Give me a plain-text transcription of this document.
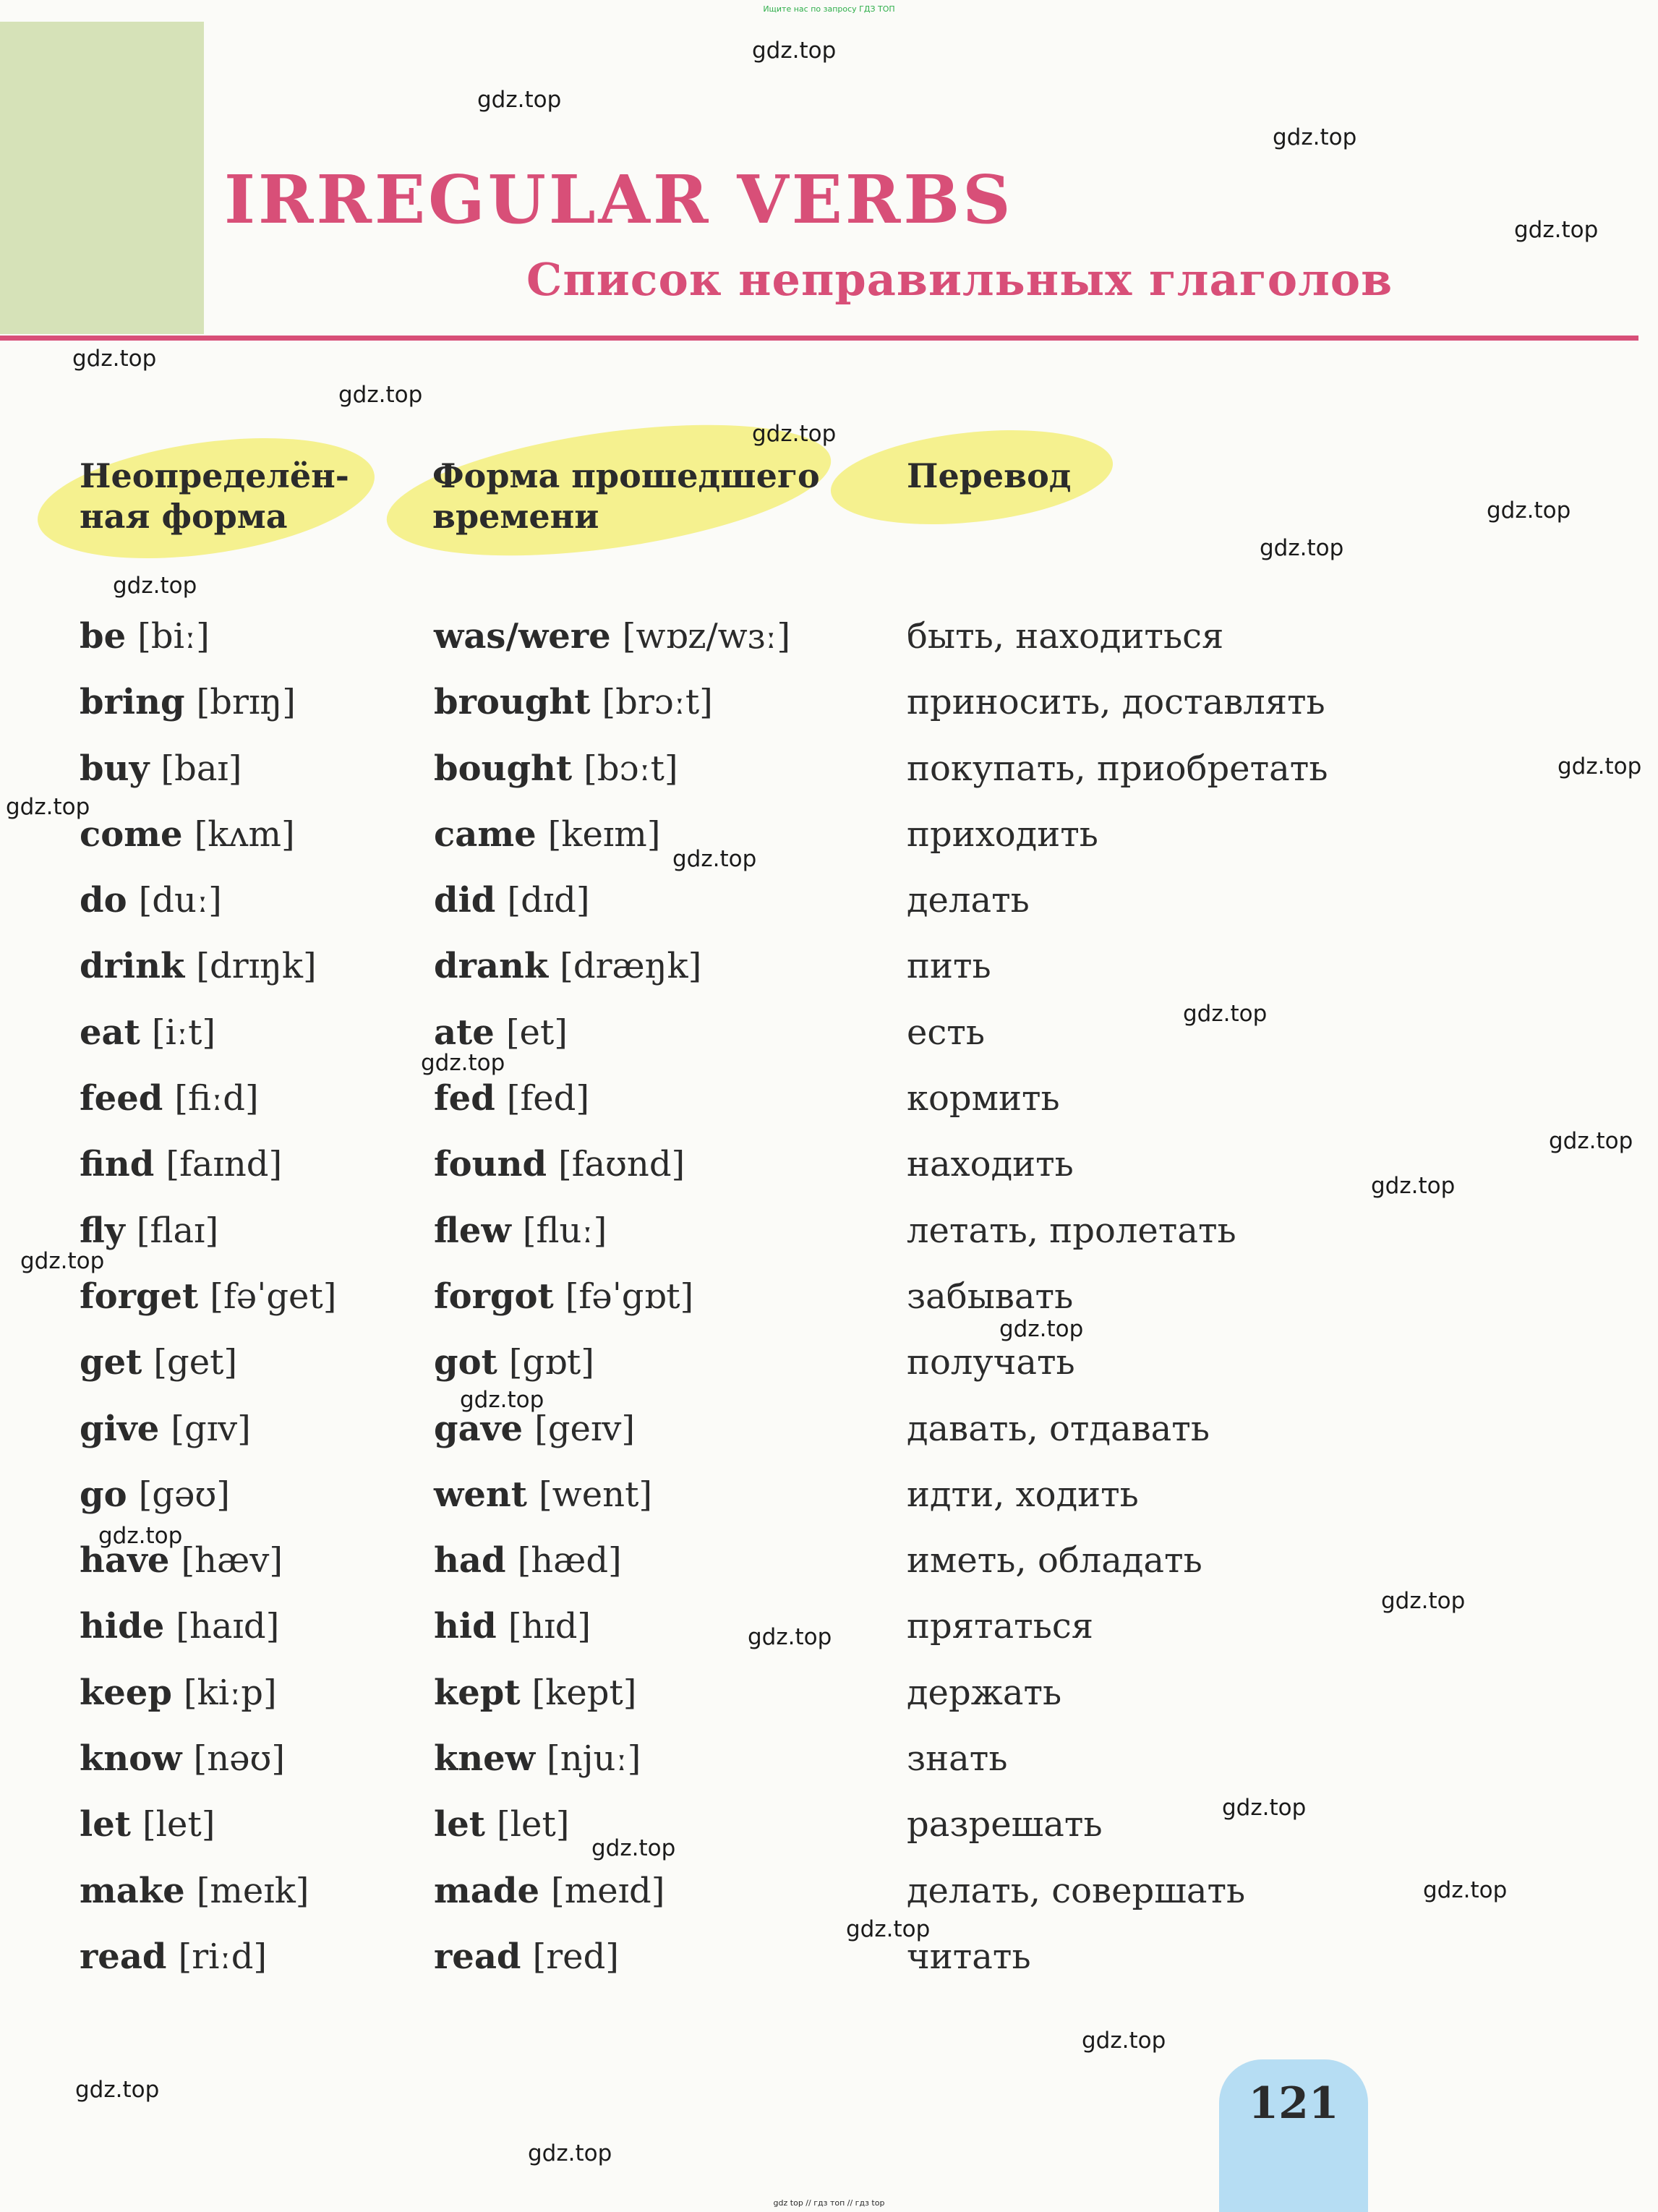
Ищите нас по запросу ГДЗ ТОП
IRREGULAR VERBS
Список неправильных глаголов
Неопределён-
ная форма
Форма прошедшего
времени
Перевод
be [biː]	was/were [wɒz/wɜː]	быть, находиться
bring [brɪŋ]	brought [brɔːt]	приносить, доставлять
buy [baɪ]	bought [bɔːt]	покупать, приобретать
come [kʌm]	came [keɪm]	приходить
do [duː]	did [dɪd]	делать
drink [drɪŋk]	drank [dræŋk]	пить
eat [iːt]	ate [et]	есть
feed [fiːd]	fed [fed]	кормить
find [faɪnd]	found [faʊnd]	находить
fly [flaɪ]	flew [fluː]	летать, пролетать
forget [fəˈget]	forgot [fəˈgɒt]	забывать
get [get]	got [gɒt]	получать
give [gɪv]	gave [geɪv]	давать, отдавать
go [gəʊ]	went [went]	идти, ходить
have [hæv]	had [hæd]	иметь, обладать
hide [haɪd]	hid [hɪd]	прятаться
keep [kiːp]	kept [kept]	держать
know [nəʊ]	knew [njuː]	знать
let [let]	let [let]	разрешать
make [meɪk]	made [meɪd]	делать, совершать
read [riːd]	read [red]	читать
121
gdz.top
gdz.top
gdz.top
gdz.top
gdz.top
gdz.top
gdz.top
gdz.top
gdz.top
gdz.top
gdz.top
gdz.top
gdz.top
gdz.top
gdz.top
gdz.top
gdz.top
gdz.top
gdz.top
gdz.top
gdz.top
gdz.top
gdz.top
gdz.top
gdz.top
gdz.top
gdz.top
gdz.top
gdz.top
gdz.top
gdz top // гдз топ // гдз top
